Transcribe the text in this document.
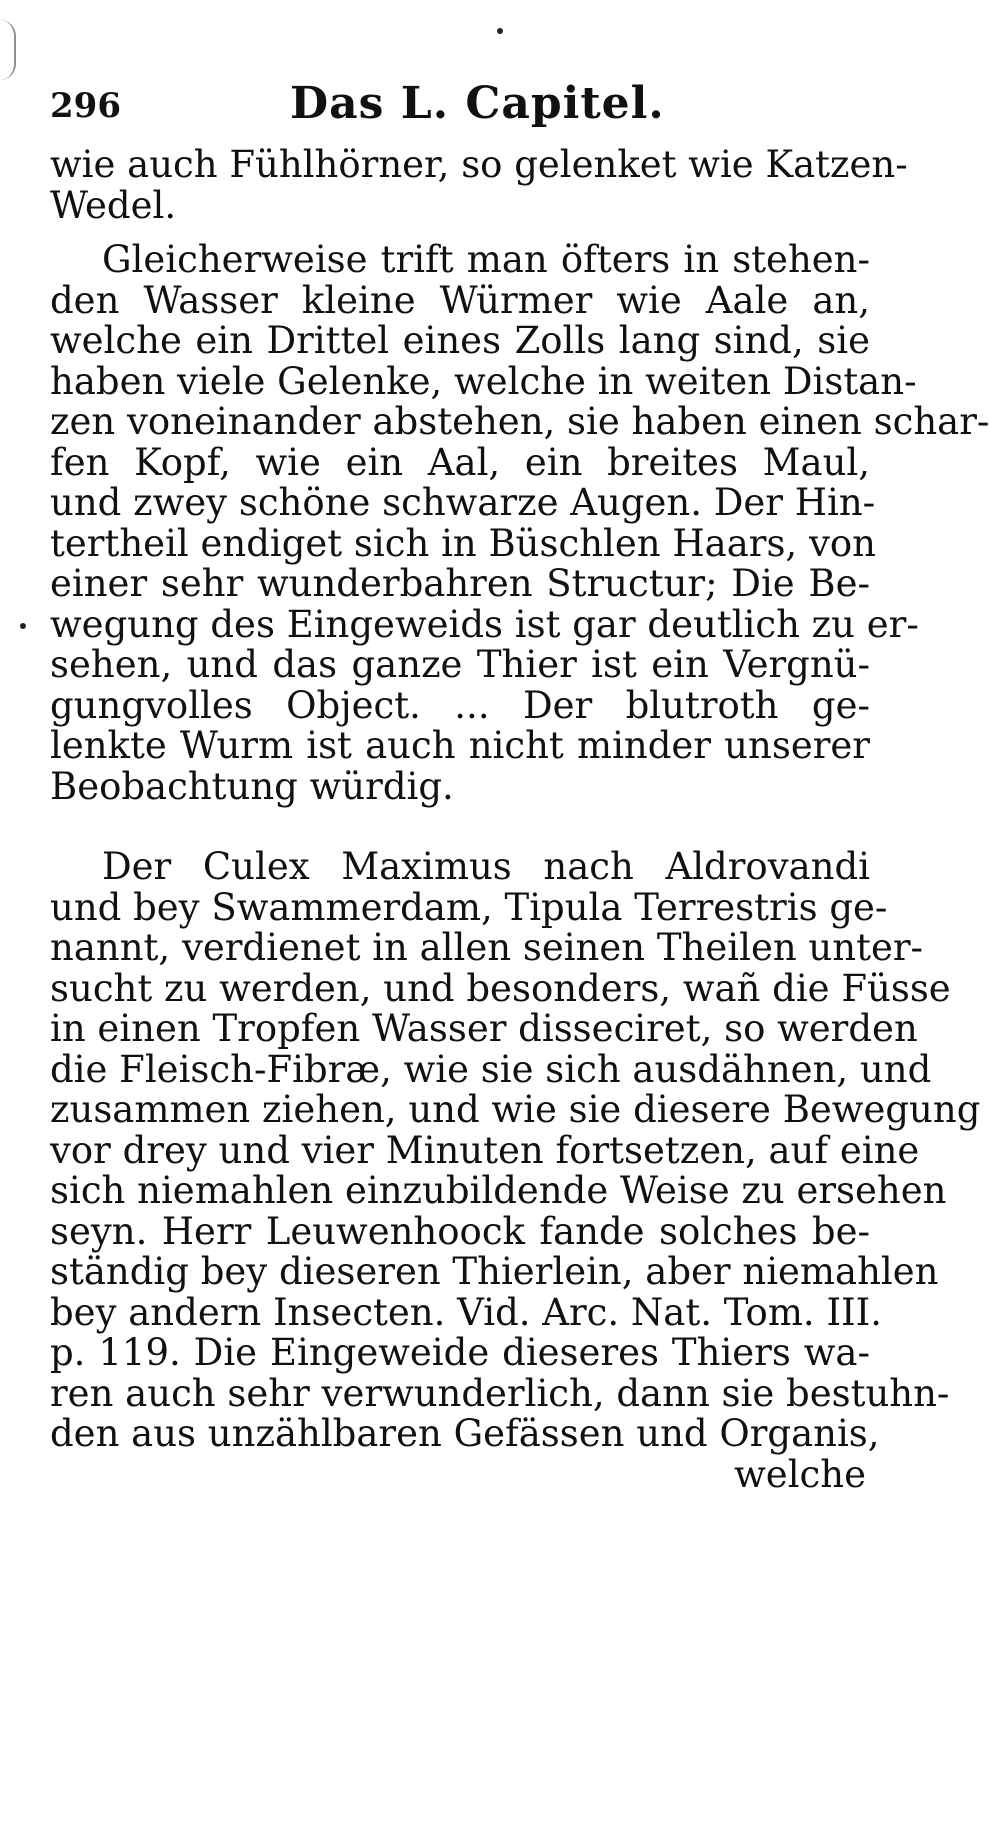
296	Das L. Capitel.
wie auch Fühlhörner, so gelenket wie Katzen-
Wedel.
Gleicherweise trift man öfters in stehen-
den Wasser kleine Würmer wie Aale an,
welche ein Drittel eines Zolls lang sind, sie
haben viele Gelenke, welche in weiten Distan-
zen voneinander abstehen, sie haben einen schar-
fen Kopf, wie ein Aal, ein breites Maul,
und zwey schöne schwarze Augen. Der Hin-
tertheil endiget sich in Büschlen Haars, von
einer sehr wunderbahren Structur; Die Be-
wegung des Eingeweids ist gar deutlich zu er-
sehen, und das ganze Thier ist ein Vergnü-
gungvolles Object. ... Der blutroth ge-
lenkte Wurm ist auch nicht minder unserer
Beobachtung würdig.
Der Culex Maximus nach Aldrovandi
und bey Swammerdam, Tipula Terrestris ge-
nannt, verdienet in allen seinen Theilen unter-
sucht zu werden, und besonders, wañ die Füsse
in einen Tropfen Wasser disseciret, so werden
die Fleisch-Fibræ, wie sie sich ausdähnen, und
zusammen ziehen, und wie sie diesere Bewegung
vor drey und vier Minuten fortsetzen, auf eine
sich niemahlen einzubildende Weise zu ersehen
seyn. Herr Leuwenhoock fande solches be-
ständig bey dieseren Thierlein, aber niemahlen
bey andern Insecten. Vid. Arc. Nat. Tom. III.
p. 119. Die Eingeweide dieseres Thiers wa-
ren auch sehr verwunderlich, dann sie bestuhn-
den aus unzählbaren Gefässen und Organis,
welche
